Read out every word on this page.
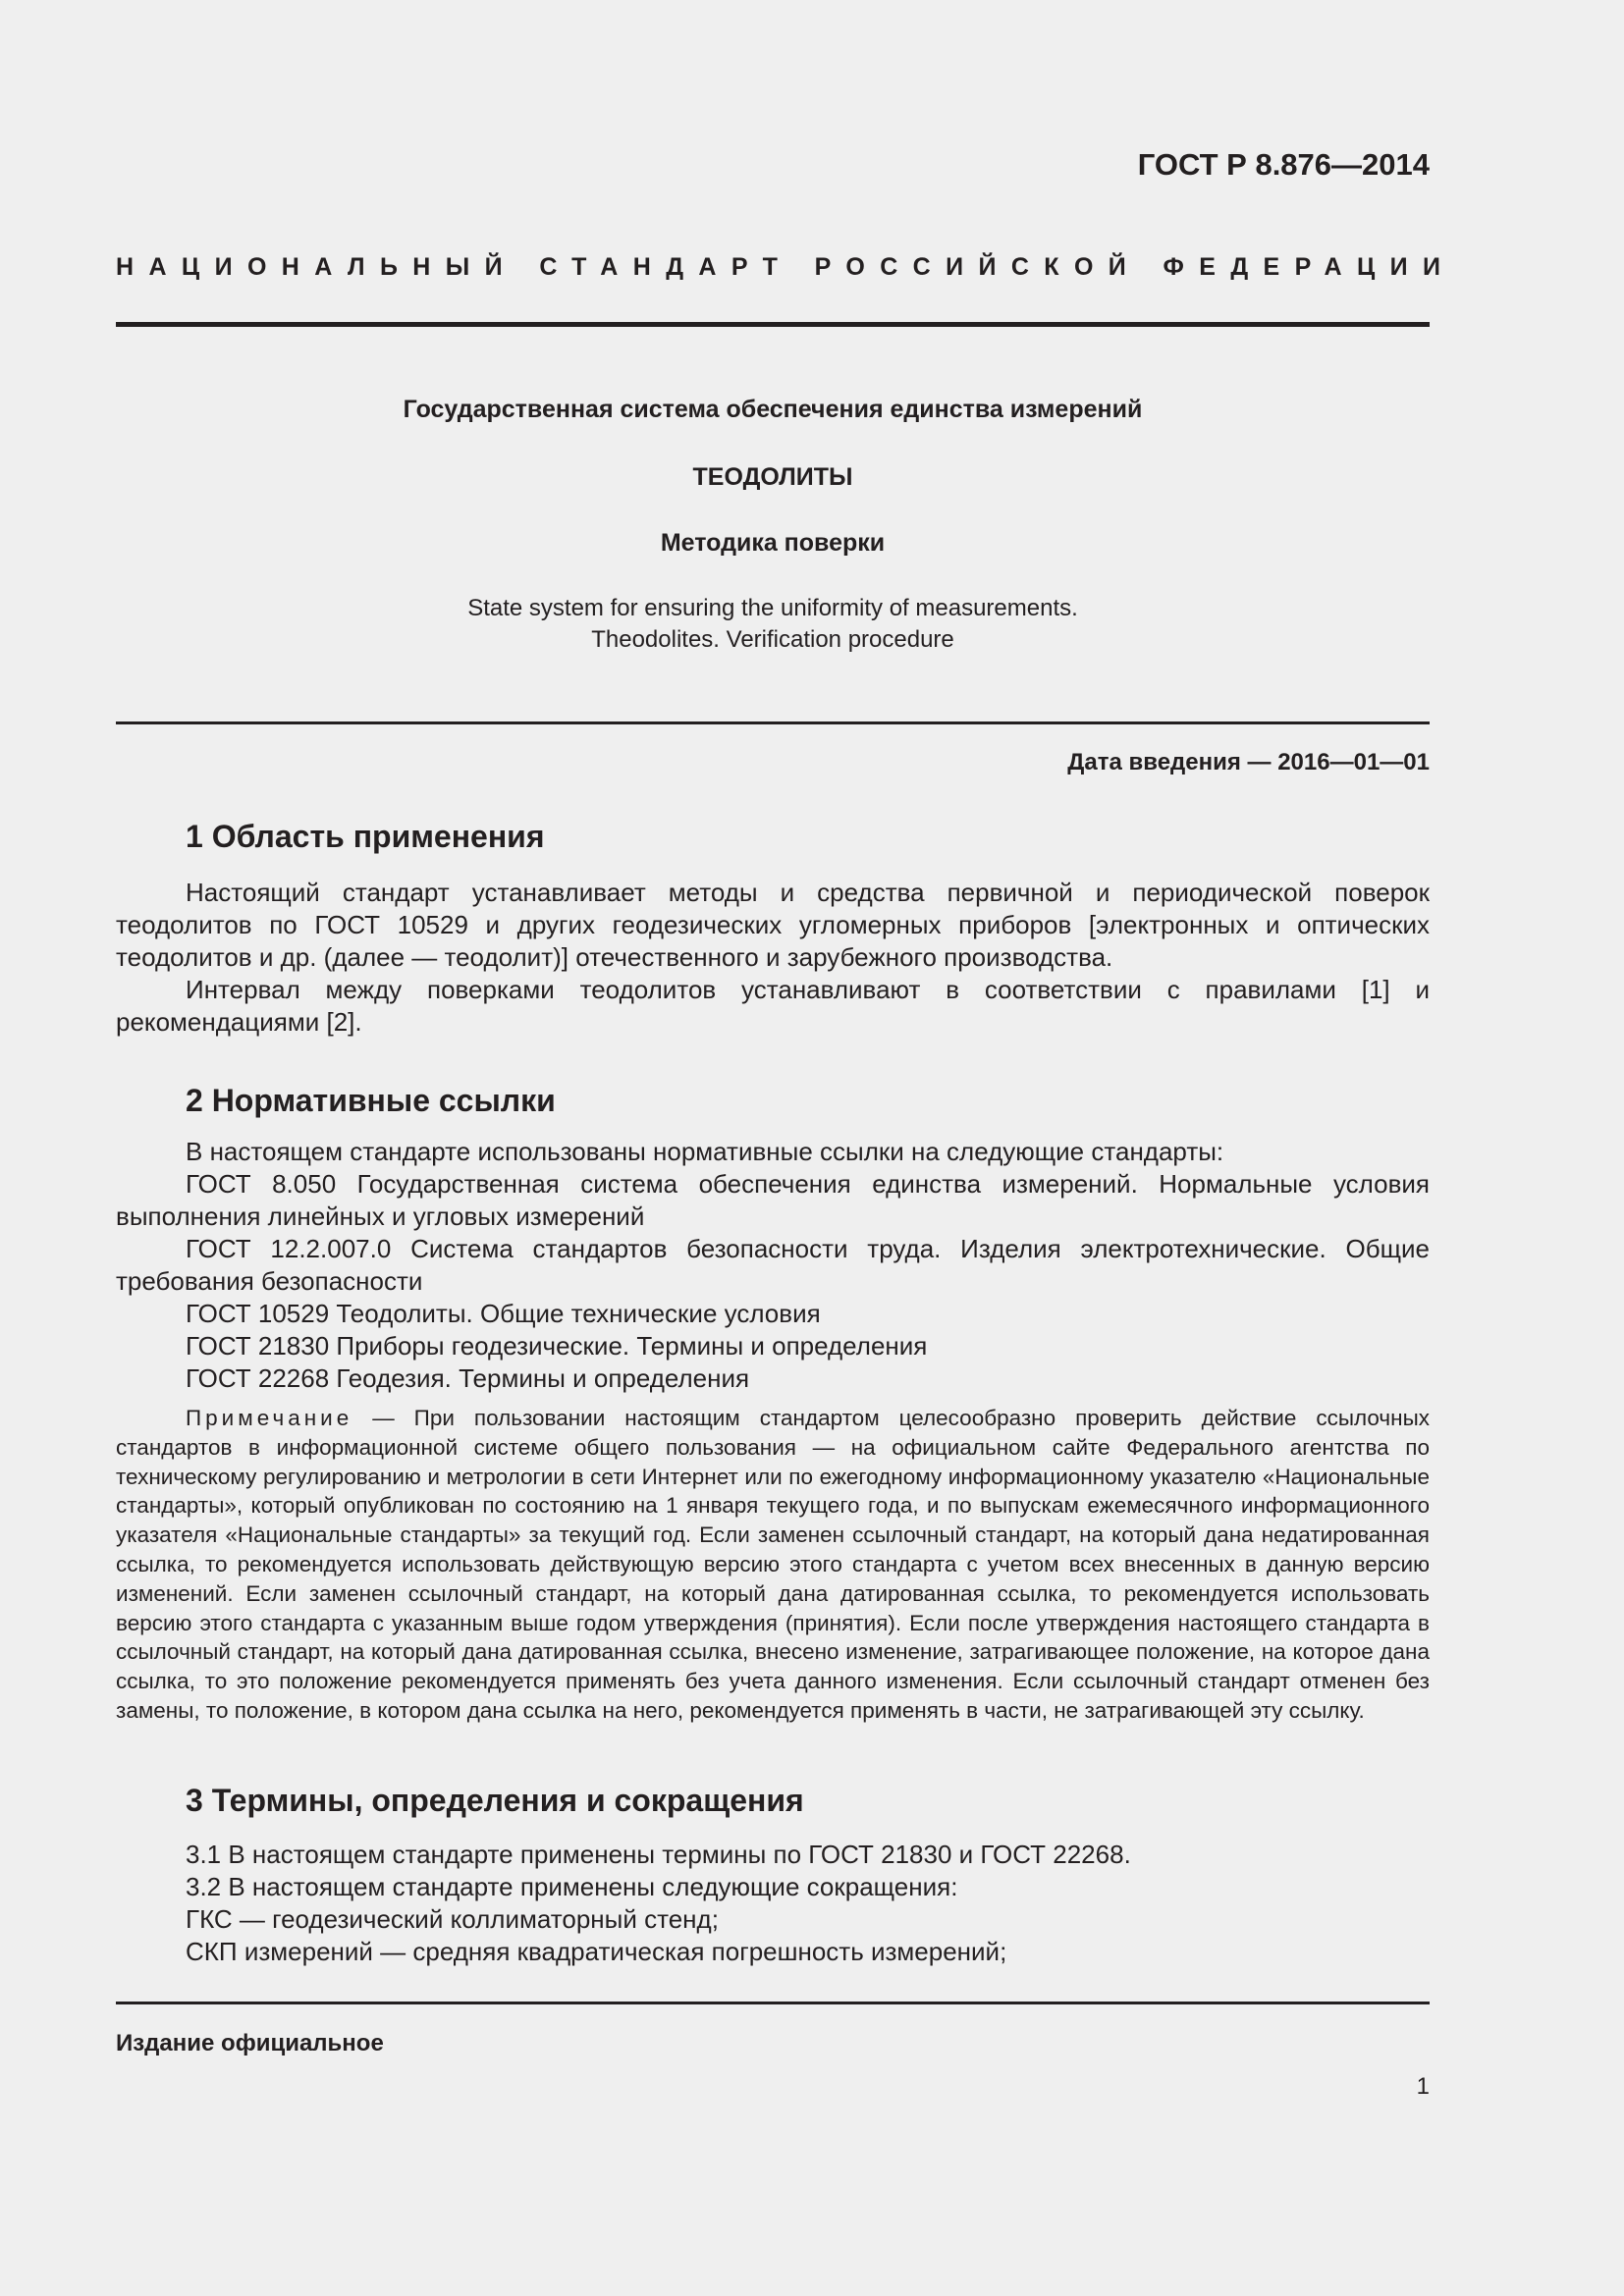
ГОСТ Р 8.876—2014
НАЦИОНАЛЬНЫЙ СТАНДАРТ РОССИЙСКОЙ ФЕДЕРАЦИИ
Государственная система обеспечения единства измерений
ТЕОДОЛИТЫ
Методика поверки
State system for ensuring the uniformity of measurements.
Theodolites. Verification procedure
Дата введения — 2016—01—01
1 Область применения

Настоящий стандарт устанавливает методы и средства первичной и периодической поверок теодолитов по ГОСТ 10529 и других геодезических угломерных приборов [электронных и оптических теодолитов и др. (далее — теодолит)] отечественного и зарубежного производства.

Интервал между поверками теодолитов устанавливают в соответствии с правилами [1] и рекомендациями [2].

2 Нормативные ссылки

В настоящем стандарте использованы нормативные ссылки на следующие стандарты:

ГОСТ 8.050 Государственная система обеспечения единства измерений. Нормальные условия выполнения линейных и угловых измерений

ГОСТ 12.2.007.0 Система стандартов безопасности труда. Изделия электротехнические. Общие требования безопасности

ГОСТ 10529 Теодолиты. Общие технические условия

ГОСТ 21830 Приборы геодезические. Термины и определения

ГОСТ 22268 Геодезия. Термины и определения

Примечание — При пользовании настоящим стандартом целесообразно проверить действие ссылочных стандартов в информационной системе общего пользования — на официальном сайте Федерального агентства по техническому регулированию и метрологии в сети Интернет или по ежегодному информационному указателю «Национальные стандарты», который опубликован по состоянию на 1 января текущего года, и по выпускам ежемесячного информационного указателя «Национальные стандарты» за текущий год. Если заменен ссылочный стандарт, на который дана недатированная ссылка, то рекомендуется использовать действующую версию этого стандарта с учетом всех внесенных в данную версию изменений. Если заменен ссылочный стандарт, на который дана датированная ссылка, то рекомендуется использовать версию этого стандарта с указанным выше годом утверждения (принятия). Если после утверждения настоящего стандарта в ссылочный стандарт, на который дана датированная ссылка, внесено изменение, затрагивающее положение, на которое дана ссылка, то это положение рекомендуется применять без учета данного изменения. Если ссылочный стандарт отменен без замены, то положение, в котором дана ссылка на него, рекомендуется применять в части, не затрагивающей эту ссылку.

3 Термины, определения и сокращения

3.1 В настоящем стандарте применены термины по ГОСТ 21830 и ГОСТ 22268.

3.2 В настоящем стандарте применены следующие сокращения:

ГКС — геодезический коллиматорный стенд;

СКП измерений — средняя квадратическая погрешность измерений;

Издание официальное
1
